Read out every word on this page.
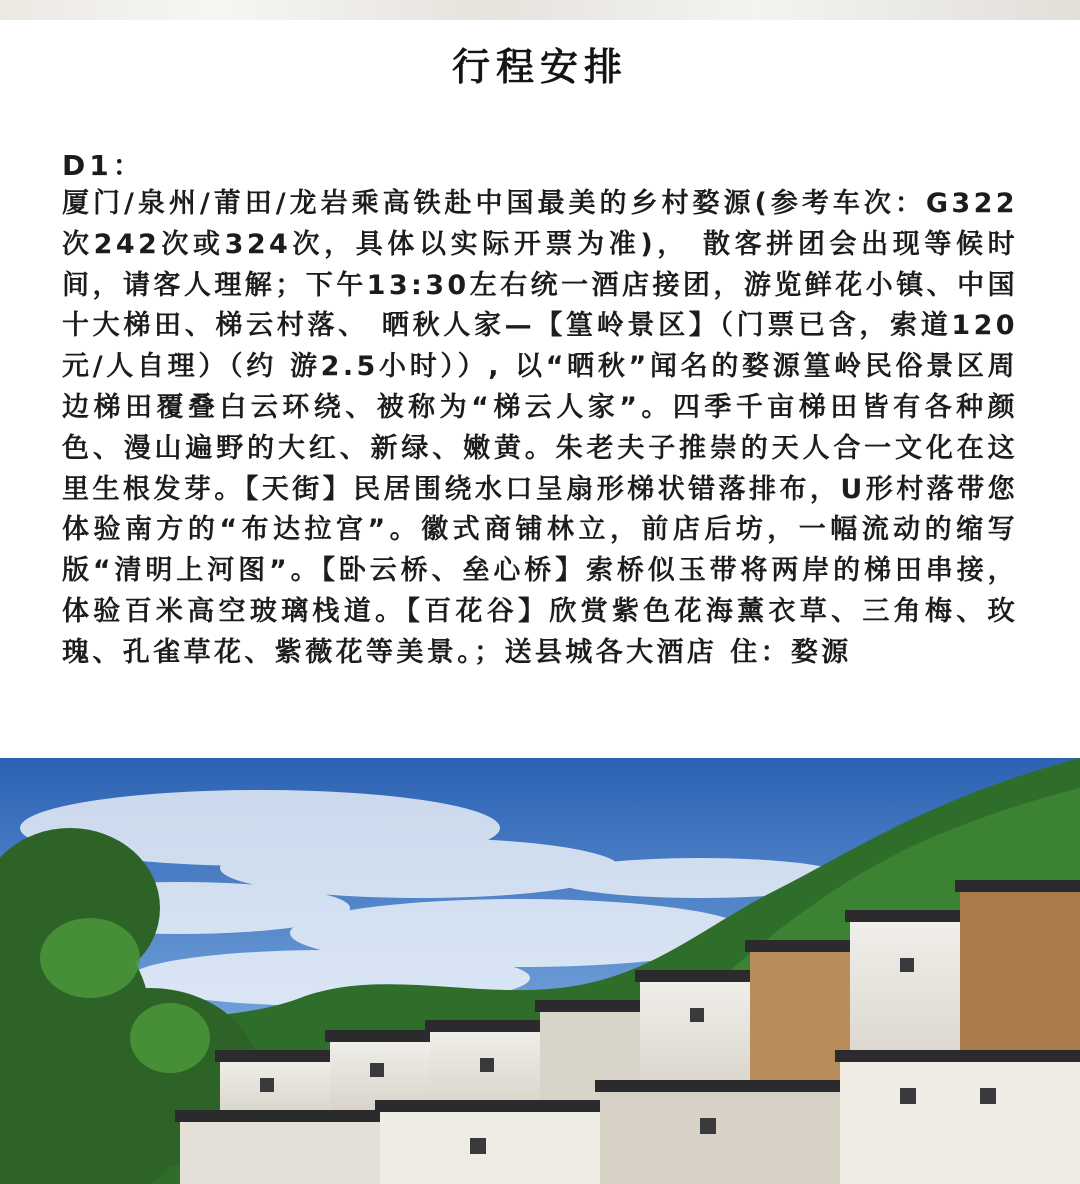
行程安排
D1：

厦门/泉州/莆田/龙岩乘高铁赴中国最美的乡村婺源(参考车次：G322次242次或324次，具体以实际开票为准)， 散客拼团会出现等候时间，请客人理解；下午13:30左右统一酒店接团，游览鲜花小镇、中国十大梯田、梯云村落、 晒秋人家—【篁岭景区】（门票已含，索道120元/人自理）（约 游2.5小时））, 以“晒秋”闻名的婺源篁岭民俗景区周边梯田覆叠白云环绕、被称为“梯云人家”。四季千亩梯田皆有各种颜色、漫山遍野的大红、新绿、嫩黄。朱老夫子推崇的天人合一文化在这里生根发芽。【天街】民居围绕水口呈扇形梯状错落排布，U形村落带您体验南方的“布达拉宫”。徽式商铺林立，前店后坊，一幅流动的缩写版“清明上河图”。【卧云桥、垒心桥】索桥似玉带将两岸的梯田串接，体验百米高空玻璃栈道。【百花谷】欣赏紫色花海薰衣草、三角梅、玫瑰、孔雀草花、紫薇花等美景。；送县城各大酒店 住：婺源
